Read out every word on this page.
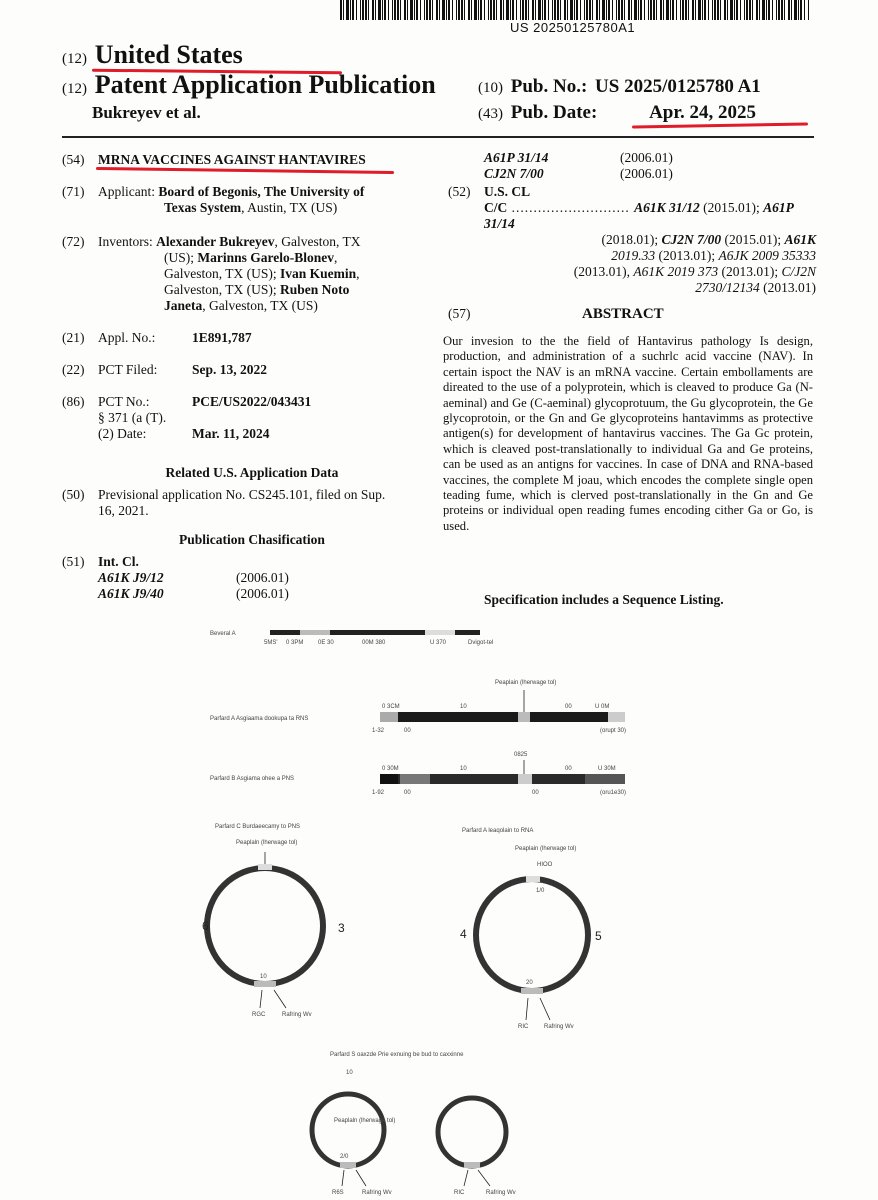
US 20250125780A1
(12) United States
(12) Patent Application Publication
Bukreyev et al.
(10) Pub. No.: US 2025/0125780 A1
(43) Pub. Date:	Apr. 24, 2025
(54) MRNA VACCINES AGAINST HANTAVIRES
(71) Applicant: Board of Begonis, The University of
Texas System, Austin, TX (US)
(72) Inventors: Alexander Bukreyev, Galveston, TX
(US); Marinns Garelo-Blonev,
Galveston, TX (US); Ivan Kuemin,
Galveston, TX (US); Ruben Noto
Janeta, Galveston, TX (US)
(21) Appl. No.:	1E891,787
(22) PCT Filed:	Sep. 13, 2022
(86) PCT No.:	PCE/US2022/043431
§ 371 (a (T).
(2) Date:	Mar. 11, 2024
Related U.S. Application Data
(50) Previsional application No. CS245.101, filed on Sup.
16, 2021.
Publication Chasification
(51) Int. Cl.
A61K J9/12	(2006.01)
A61K J9/40	(2006.01)
A61P 31/14	(2006.01)
CJ2N 7/00	(2006.01)
(52) U.S. CL
C/C ........................... A61K 31/12 (2015.01); A61P 31/14
(2018.01); CJ2N 7/00 (2015.01); A61K
2019.33 (2013.01); A6JK 2009 35333
(2013.01), A61K 2019 373 (2013.01); C/J2N
2730/12134 (2013.01)
(57)	ABSTRACT
Our invesion to the the field of Hantavirus pathology Is design, production, and administration of a suchrlc acid vaccine (NAV). In certain ispoct the NAV is an mRNA vaccine. Certain embollaments are direated to the use of a polyprotein, which is cleaved to produce Ga (N-aeminal) and Ge (C-aeminal) glycoprotuum, the Gu glycoprotein, the Ge glycoprotoin, or the Gn and Ge glycoproteins hantavimms as protective antigen(s) for development of hantavirus vaccines. The Ga Gc protein, which is cleaved post-translationally to individual Ga and Ge proteins, can be used as an antigns for vaccines. In case of DNA and RNA-based vaccines, the complete M joau, which encodes the complete single open teading fume, which is clerved post-translationally in the Gn and Ge proteins or individual open reading fumes encoding cither Ga or Go, is used.
Specification includes a Sequence Listing.
Beveral A
5MS' 0 3PM 0E 30	00M 380	U 370	Dvigot-tel
Parfard A Asgiaama dookupa ta RNS
Peaplain (lherwage tol)
0 3CM	10	00	U 0M
1-32	00	(orupt 30)
Parfard B Asgiama ohee a PNS
0825
0 30M	10	00	U 30M
1-92	00	00	(oru1e30)
Parfard C Burdaeecamy to PNS
Peaplaln (lherwage tol)
6	3
10
RGC	Rafring Wv
Parfard A leaqolain to RNA
Peaplain (lherwage tol)
HIOO
1/0
4	5
20
RIC	Rafring Wv
Parfard S oaxzde Prie exnuing be bud to caxxinne
10
Peaplaln (lherwage tol)
2/0
R6S	Rafring Wv	RIC	Rafring Wv
